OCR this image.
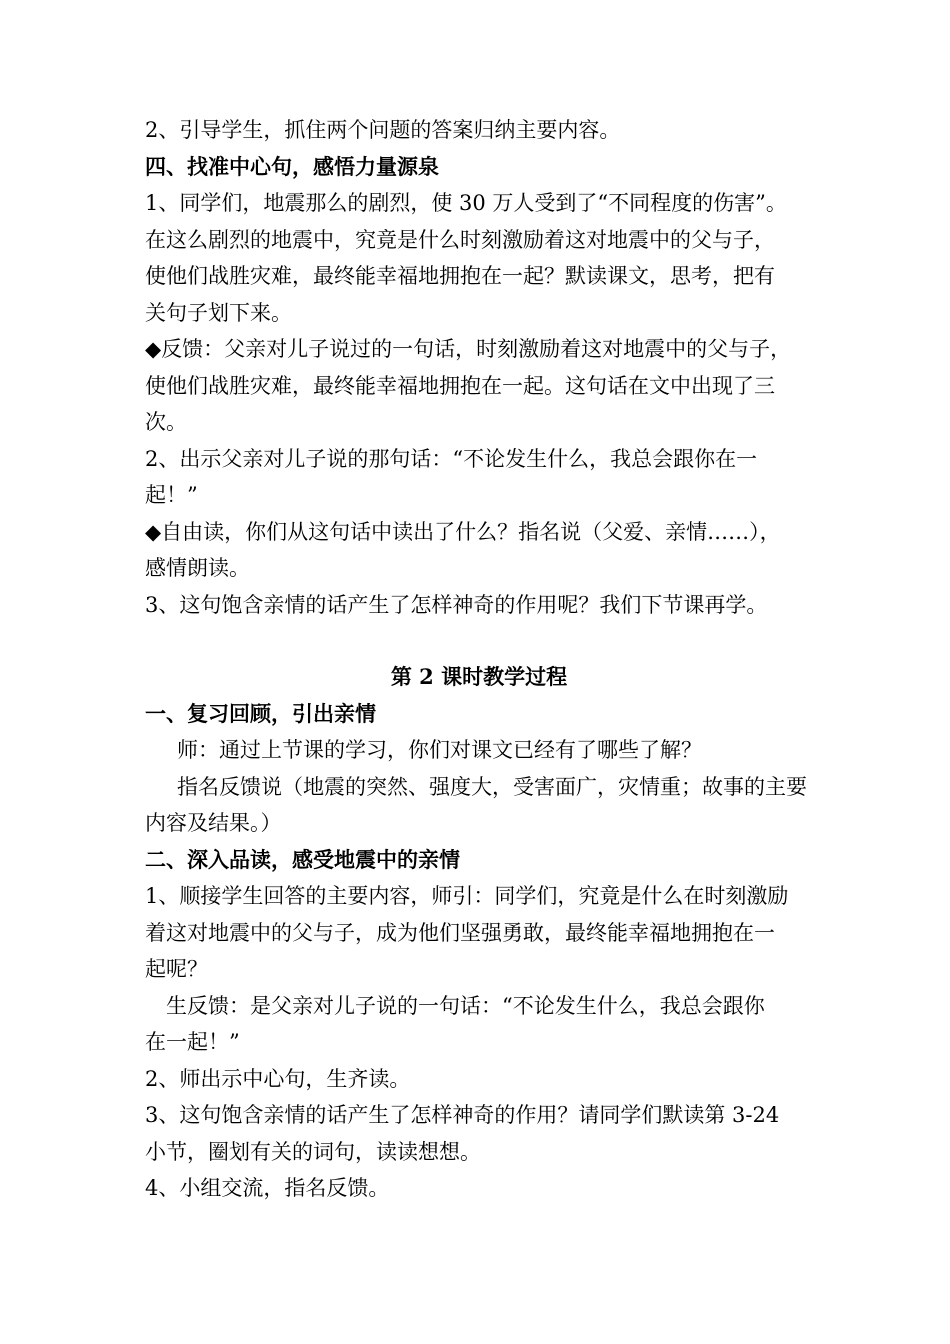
2、引导学生，抓住两个问题的答案归纳主要内容。
四、找准中心句，感悟力量源泉
1、同学们，地震那么的剧烈，使 30 万人受到了“不同程度的伤害”。
在这么剧烈的地震中，究竟是什么时刻激励着这对地震中的父与子，
使他们战胜灾难，最终能幸福地拥抱在一起？默读课文，思考，把有
关句子划下来。
◆反馈：父亲对儿子说过的一句话，时刻激励着这对地震中的父与子，
使他们战胜灾难，最终能幸福地拥抱在一起。这句话在文中出现了三
次。
2、出示父亲对儿子说的那句话：“不论发生什么，我总会跟你在一
起！”
◆自由读，你们从这句话中读出了什么？指名说（父爱、亲情……），
感情朗读。
3、这句饱含亲情的话产生了怎样神奇的作用呢？我们下节课再学。
第 2 课时教学过程
一、复习回顾，引出亲情
师：通过上节课的学习，你们对课文已经有了哪些了解？
指名反馈说（地震的突然、强度大，受害面广，灾情重；故事的主要
内容及结果。）
二、深入品读，感受地震中的亲情
1、顺接学生回答的主要内容，师引：同学们，究竟是什么在时刻激励
着这对地震中的父与子，成为他们坚强勇敢，最终能幸福地拥抱在一
起呢？
生反馈：是父亲对儿子说的一句话：“不论发生什么，我总会跟你
在一起！”
2、师出示中心句，生齐读。
3、这句饱含亲情的话产生了怎样神奇的作用？请同学们默读第 3-24
小节，圈划有关的词句，读读想想。
4、小组交流，指名反馈。
